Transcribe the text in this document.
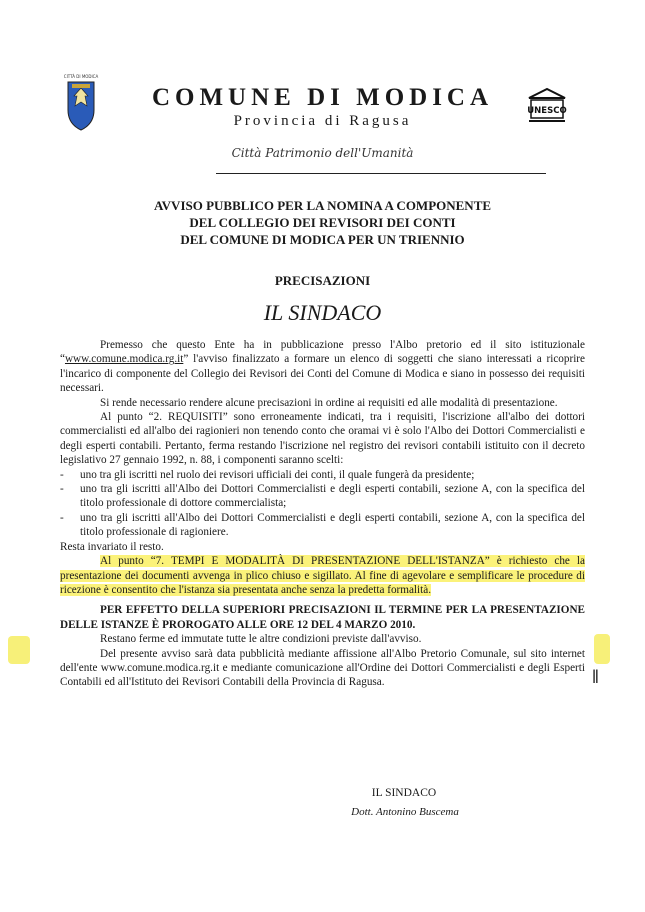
CITTÀ DI MODICA
UNESCO
COMUNE DI MODICA
Provincia di Ragusa
Città Patrimonio dell'Umanità
AVVISO PUBBLICO PER LA NOMINA A COMPONENTE
DEL COLLEGIO DEI REVISORI DEI CONTI
DEL COMUNE DI MODICA PER UN TRIENNIO
PRECISAZIONI
IL SINDACO

Premesso che questo Ente ha in pubblicazione presso l'Albo pretorio ed il sito istituzionale “www.comune.modica.rg.it” l'avviso finalizzato a formare un elenco di soggetti che siano interessati a ricoprire l'incarico di componente del Collegio dei Revisori dei Conti del Comune di Modica e siano in possesso dei requisiti necessari.

Si rende necessario rendere alcune precisazioni in ordine ai requisiti ed alle modalità di presentazione.

Al punto “2. REQUISITI” sono erroneamente indicati, tra i requisiti, l'iscrizione all'albo dei dottori commercialisti ed all'albo dei ragionieri non tenendo conto che oramai vi è solo l'Albo dei Dottori Commercialisti e degli esperti contabili. Pertanto, ferma restando l'iscrizione nel registro dei revisori contabili istituito con il decreto legislativo 27 gennaio 1992, n. 88, i componenti saranno scelti:

- uno tra gli iscritti nel ruolo dei revisori ufficiali dei conti, il quale fungerà da presidente;
- uno tra gli iscritti all'Albo dei Dottori Commercialisti e degli esperti contabili, sezione A, con la specifica del titolo professionale di dottore commercialista;
- uno tra gli iscritti all'Albo dei Dottori Commercialisti e degli esperti contabili, sezione A, con la specifica del titolo professionale di ragioniere.

Resta invariato il resto.

Al punto “7. TEMPI E MODALITÀ DI PRESENTAZIONE DELL'ISTANZA” è richiesto che la presentazione dei documenti avvenga in plico chiuso e sigillato. Al fine di agevolare e semplificare le procedure di ricezione è consentito che l'istanza sia presentata anche senza la predetta formalità.

PER EFFETTO DELLA SUPERIORI PRECISAZIONI IL TERMINE PER LA PRESENTAZIONE DELLE ISTANZE È PROROGATO ALLE ORE 12 DEL 4 MARZO 2010.

Restano ferme ed immutate tutte le altre condizioni previste dall'avviso.

Del presente avviso sarà data pubblicità mediante affissione all'Albo Pretorio Comunale, sul sito internet dell'ente www.comune.modica.rg.it e mediante comunicazione all'Ordine dei Dottori Commercialisti e degli Esperti Contabili ed all'Istituto dei Revisori Contabili della Provincia di Ragusa.	ǁ
IL SINDACO
Dott. Antonino Buscema
